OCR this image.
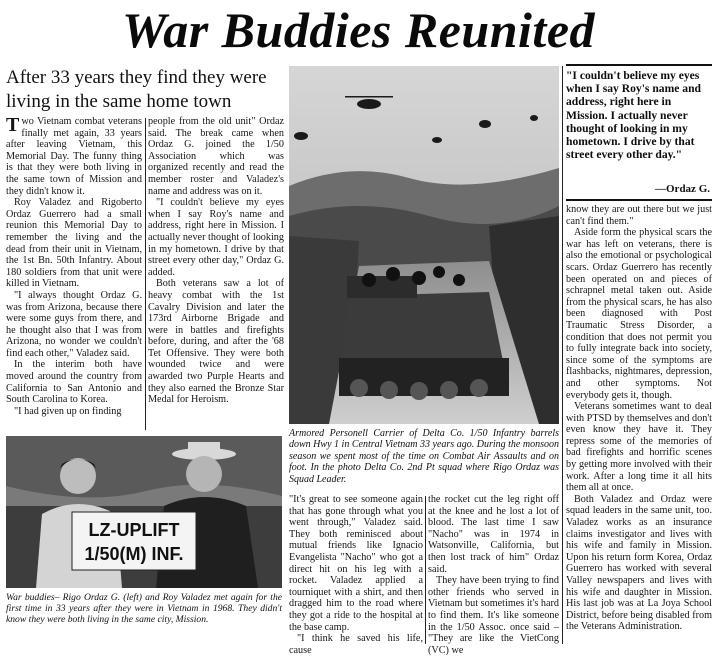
War Buddies Reunited
After 33 years they find they were living in the same home town

Two Vietnam combat veterans finally met again, 33 years after leaving Vietnam, this Memorial Day. The funny thing is that they were both living in the same town of Mission and they didn't know it.

Roy Valadez and Rigoberto Ordaz Guerrero had a small reunion this Memorial Day to remember the living and the dead from their unit in Vietnam, the 1st Bn. 50th Infantry. About 180 soldiers from that unit were killed in Vietnam.

"I always thought Ordaz G. was from Arizona, because there were some guys from there, and he thought also that I was from Arizona, no wonder we couldn't find each other," Valadez said.

In the interim both have moved around the country from California to San Antonio and South Carolina to Korea.

"I had given up on finding

people from the old unit" Ordaz said. The break came when Ordaz G. joined the 1/50 Association which was organized recently and read the member roster and Valadez's name and address was on it.

"I couldn't believe my eyes when I say Roy's name and address, right here in Mission. I actually never thought of looking in my hometown. I drive by that street every other day," Ordaz G. added.

Both veterans saw a lot of heavy combat with the 1st Cavalry Division and later the 173rd Airborne Brigade and were in battles and firefights before, during, and after the '68 Tet Offensive. They were both wounded twice and were awarded two Purple Hearts and they also earned the Bronze Star Medal for Heroism.

Armored Personell Carrier of Delta Co. 1/50 Infantry barrels down Hwy 1 in Central Vietnam 33 years ago. During the monsoon season we spent most of the time on Combat Air Assaults and on foot. In the photo Delta Co. 2nd Pt squad where Rigo Ordaz was Squad Leader.
"I couldn't believe my eyes when I say Roy's name and address, right here in Mission. I actually never thought of looking in my hometown. I drive by that street every other day."
—Ordaz G.

know they are out there but we just can't find them."

Aside form the physical scars the war has left on veterans, there is also the emotional or psychological scars. Ordaz Guerrero has recently been operated on and pieces of schrapnel metal taken out. Aside from the physical scars, he has also been diagnosed with Post Traumatic Stress Disorder, a condition that does not permit you to fully integrate back into society, since some of the symptoms are flashbacks, nightmares, depression, and other symptoms. Not everybody gets it, though.

Veterans sometimes want to deal with PTSD by themselves and don't even know they have it. They repress some of the memories of bad firefights and horrific scenes by getting more involved with their work. After a long time it all hits them all at once.

Both Valadez and Ordaz were squad leaders in the same unit, too. Valadez works as an insurance claims investigator and lives with his wife and family in Mission. Upon his return form Korea, Ordaz Guerrero has worked with several Valley newspapers and lives with his wife and daughter in Mission. His last job was at La Joya School District, before being disabled from the Veterans Administration.

LZ-UPLIFT
1/50(M) INF.
War buddies– Rigo Ordaz G. (left) and Roy Valadez met again for the first time in 33 years after they were in Vietnam in 1968. They didn't know they were both living in the same city, Mission.

"It's great to see someone again that has gone through what you went through," Valadez said. They both reminisced about mutual friends like Ignacio Evangelista "Nacho" who got a direct hit on his leg with a rocket. Valadez applied a tourniquet with a shirt, and then dragged him to the road where they got a ride to the hospital at the base camp.

"I think he saved his life, cause

the rocket cut the leg right off at the knee and he lost a lot of blood. The last time I saw "Nacho" was in 1974 in Watsonville, California, but then lost track of him" Ordaz said.

They have been trying to find other friends who served in Vietnam but sometimes it's hard to find them. It's like someone in the 1/50 Assoc. once said – "They are like the VietCong (VC) we
